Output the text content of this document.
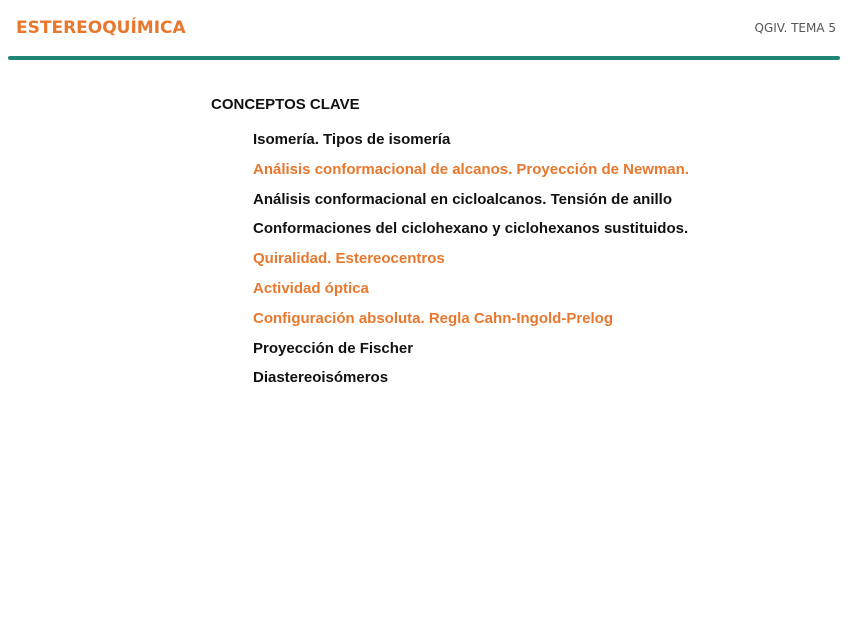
ESTEREOQUÍMICA	QGIV. TEMA 5
CONCEPTOS CLAVE
Isomería. Tipos de isomería
Análisis conformacional de alcanos. Proyección de Newman.
Análisis conformacional en cicloalcanos. Tensión de anillo
Conformaciones del ciclohexano y ciclohexanos sustituidos.
Quiralidad. Estereocentros
Actividad óptica
Configuración absoluta. Regla Cahn-Ingold-Prelog
Proyección de Fischer
Diastereoisómeros
